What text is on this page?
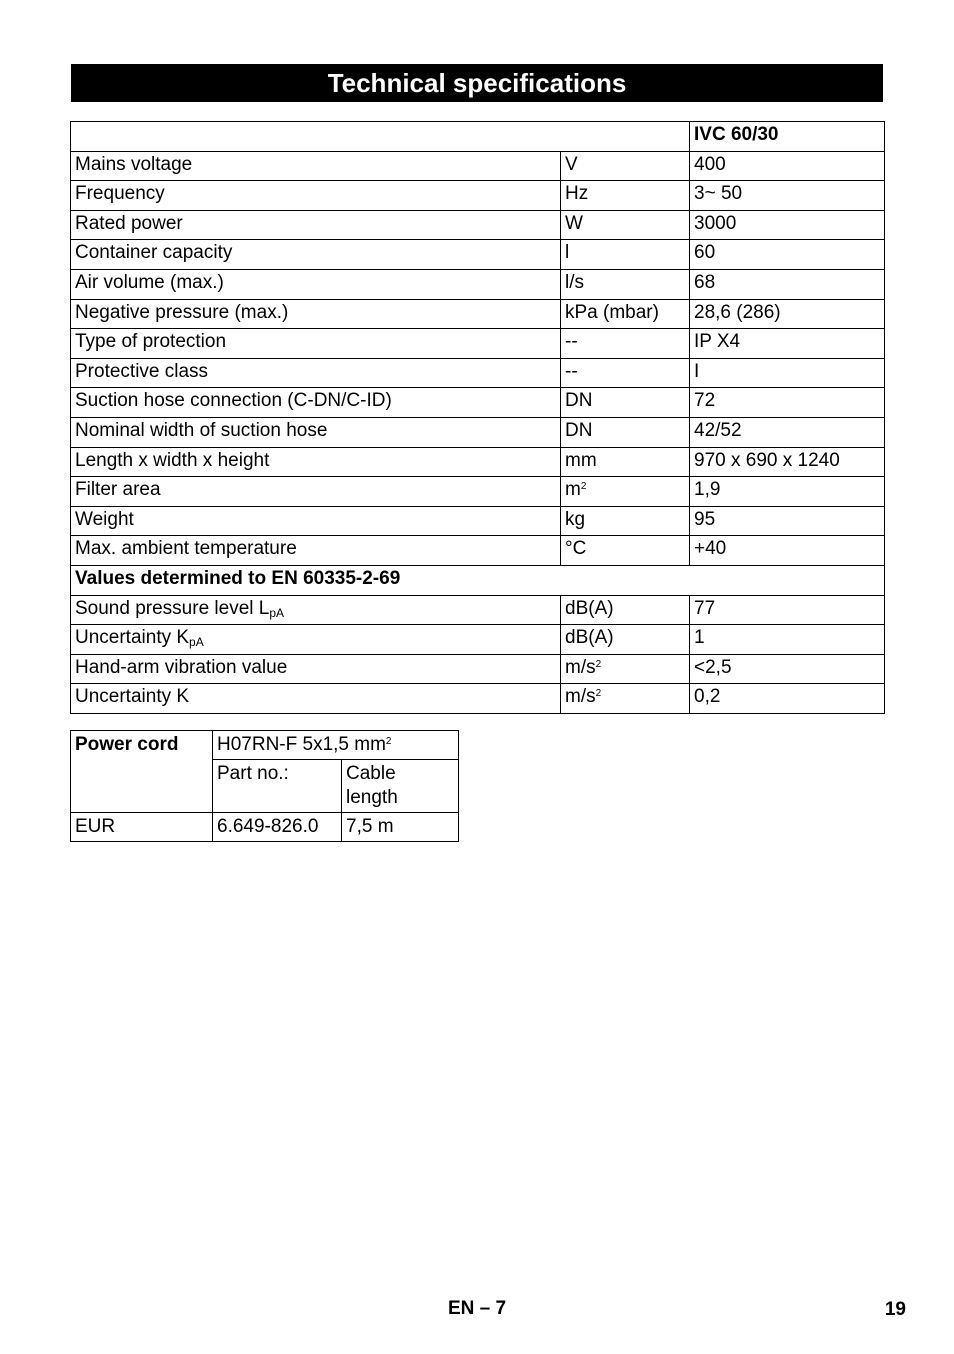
Technical specifications
		IVC 60/30
Mains voltage	V	400
Frequency	Hz	3~ 50
Rated power	W	3000
Container capacity	l	60
Air volume (max.)	l/s	68
Negative pressure (max.)	kPa (mbar)	28,6 (286)
Type of protection	--	IP X4
Protective class	--	I
Suction hose connection (C-DN/C-ID)	DN	72
Nominal width of suction hose	DN	42/52
Length x width x height	mm	970 x 690 x 1240
Filter area	$m^2$	1,9
Weight	kg	95
Max. ambient temperature	°C	+40
Values determined to EN 60335-2-69		
Sound pressure level $L_{pA}$	dB(A)	77
Uncertainty $K_{pA}$	dB(A)	1
Hand-arm vibration value	$m/s^2$	<2,5
Uncertainty K	$m/s^2$	0,2
Power cord	H07RN-F 5x1,5 $mm^2$
	Part no.:	Cable
length
EUR	6.649-826.0	7,5 m
EN – 7	19
